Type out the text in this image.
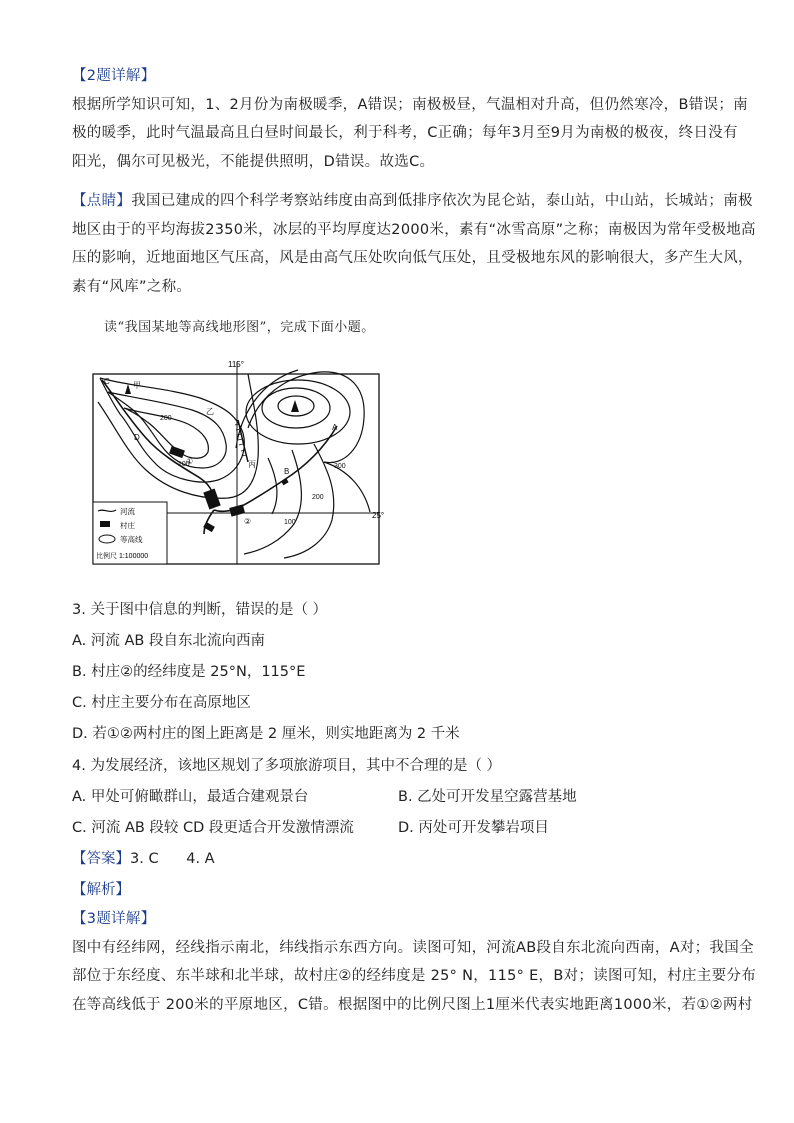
【2题详解】
根据所学知识可知，1、2月份为南极暖季，A错误；南极极昼，气温相对升高，但仍然寒冷，B错误；南
极的暖季，此时气温最高且白昼时间最长，利于科考，C正确；每年3月至9月为南极的极夜，终日没有
阳光，偶尔可见极光，不能提供照明，D错误。故选C。
【点睛】我国已建成的四个科学考察站纬度由高到低排序依次为昆仑站，泰山站，中山站，长城站；南极
地区由于的平均海拔2350米，冰层的平均厚度达2000米，素有“冰雪高原”之称；南极因为常年受极地高
压的影响，近地面地区气压高，风是由高气压处吹向低气压处，且受极地东风的影响很大，多产生大风，
素有“风库”之称。
读“我国某地等高线地形图”，完成下面小题。
115°
25°
C	甲
乙
丙
A
B
D
200
100	300
200
100
①
②
河流
村庄
等高线
比例尺 1:100000
3. 关于图中信息的判断，错误的是（ ）
A. 河流 AB 段自东北流向西南
B. 村庄②的经纬度是 25°N，115°E
C. 村庄主要分布在高原地区
D. 若①②两村庄的图上距离是 2 厘米，则实地距离为 2 千米
4. 为发展经济，该地区规划了多项旅游项目，其中不合理的是（ ）
A. 甲处可俯瞰群山，最适合建观景台	B. 乙处可开发星空露营基地
C. 河流 AB 段较 CD 段更适合开发激情漂流	D. 丙处可开发攀岩项目
【答案】3. C      4. A
【解析】
【3题详解】
图中有经纬网，经线指示南北，纬线指示东西方向。读图可知，河流AB段自东北流向西南，A对；我国全
部位于东经度、东半球和北半球，故村庄②的经纬度是 25° N，115° E，B对；读图可知，村庄主要分布
在等高线低于 200米的平原地区，C错。根据图中的比例尺图上1厘米代表实地距离1000米，若①②两村
